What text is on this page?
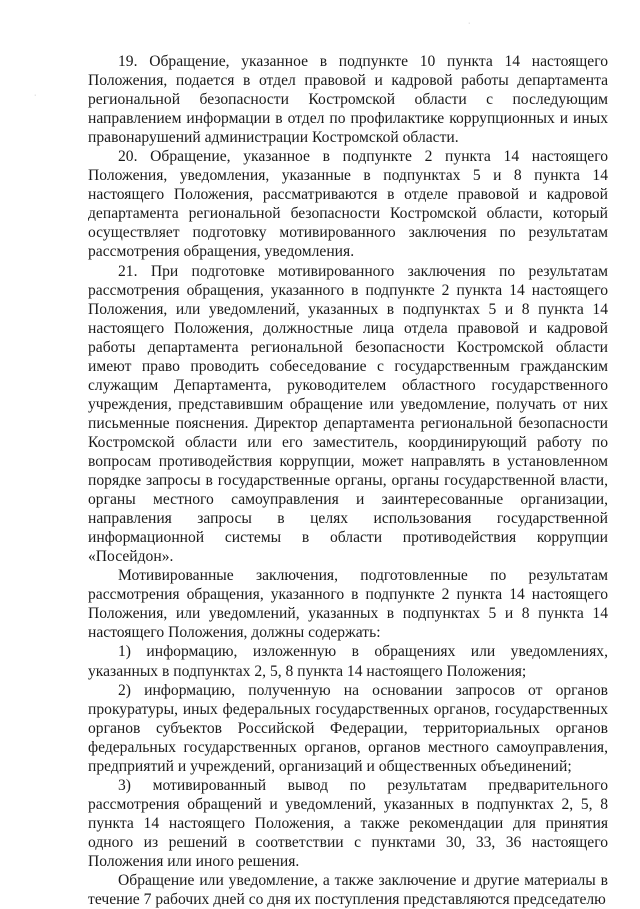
·
·

19. Обращение, указанное в подпункте 10 пункта 14 настоящего Положения, подается в отдел правовой и кадровой работы департамента региональной безопасности Костромской области с последующим направлением информации в отдел по профилактике коррупционных и иных правонарушений администрации Костромской области.

20. Обращение, указанное в подпункте 2 пункта 14 настоящего Положения, уведомления, указанные в подпунктах 5 и 8 пункта 14 настоящего Положения, рассматриваются в отделе правовой и кадровой департамента региональной безопасности Костромской области, который осуществляет подготовку мотивированного заключения по результатам рассмотрения обращения, уведомления.

21. При подготовке мотивированного заключения по результатам рассмотрения обращения, указанного в подпункте 2 пункта 14 настоящего Положения, или уведомлений, указанных в подпунктах 5 и 8 пункта 14 настоящего Положения, должностные лица отдела правовой и кадровой работы департамента региональной безопасности Костромской области имеют право проводить собеседование с государственным гражданским служащим Департамента, руководителем областного государственного учреждения, представившим обращение или уведомление, получать от них письменные пояснения. Директор департамента региональной безопасности Костромской области или его заместитель, координирующий работу по вопросам противодействия коррупции, может направлять в установленном порядке запросы в государственные органы, органы государственной власти, органы местного самоуправления и заинтересованные организации, направления запросы в целях использования государственной информационной системы в области противодействия коррупции «Посейдон».

Мотивированные заключения, подготовленные по результатам рассмотрения обращения, указанного в подпункте 2 пункта 14 настоящего Положения, или уведомлений, указанных в подпунктах 5 и 8 пункта 14 настоящего Положения, должны содержать:

1) информацию, изложенную в обращениях или уведомлениях, указанных в подпунктах 2, 5, 8 пункта 14 настоящего Положения;

2) информацию, полученную на основании запросов от органов прокуратуры, иных федеральных государственных органов, государственных органов субъектов Российской Федерации, территориальных органов федеральных государственных органов, органов местного самоуправления, предприятий и учреждений, организаций и общественных объединений;

3) мотивированный вывод по результатам предварительного рассмотрения обращений и уведомлений, указанных в подпунктах 2, 5, 8 пункта 14 настоящего Положения, а также рекомендации для принятия одного из решений в соответствии с пунктами 30, 33, 36 настоящего Положения или иного решения.

Обращение или уведомление, а также заключение и другие материалы в течение 7 рабочих дней со дня их поступления представляются председателю
